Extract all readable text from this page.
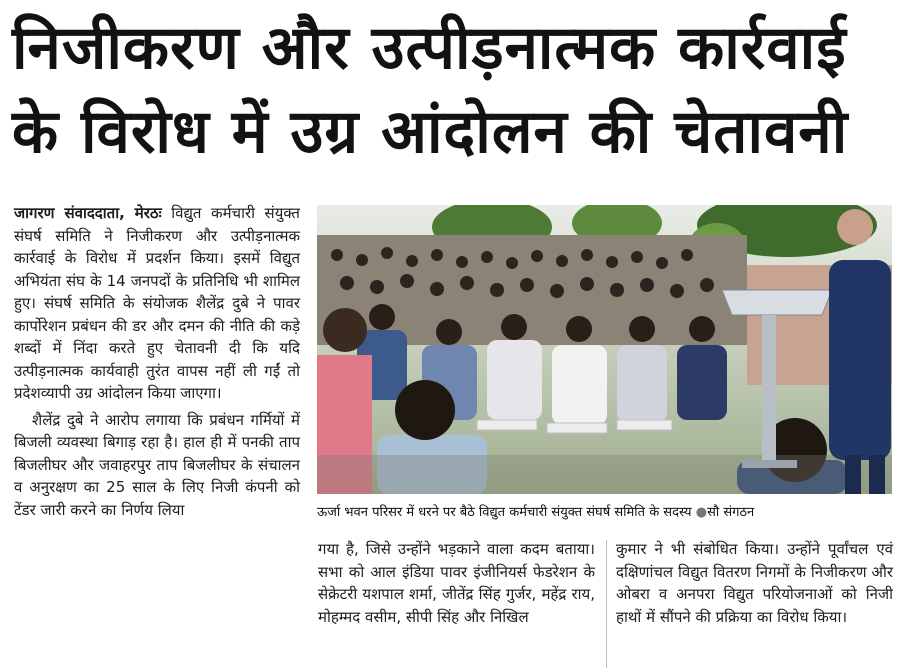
निजीकरण और उत्पीड़नात्मक कार्रवाई
के विरोध में उग्र आंदोलन की चेतावनी

जागरण संवाददाता, मेरठः विद्युत कर्मचारी संयुक्त संघर्ष समिति ने निजीकरण और उत्पीड़नात्मक कार्रवाई के विरोध में प्रदर्शन किया। इसमें विद्युत अभियंता संघ के 14 जनपदों के प्रतिनिधि भी शामिल हुए। संघर्ष समिति के संयोजक शैलेंद्र दुबे ने पावर कार्पोरेशन प्रबंधन की डर और दमन की नीति की कड़े शब्दों में निंदा करते हुए चेतावनी दी कि यदि उत्पीड़नात्मक कार्यवाही तुरंत वापस नहीं ली गईं तो प्रदेशव्यापी उग्र आंदोलन किया जाएगा।

शैलेंद्र दुबे ने आरोप लगाया कि प्रबंधन गर्मियों में बिजली व्यवस्था बिगाड़ रहा है। हाल ही में पनकी ताप बिजलीघर और जवाहरपुर ताप बिजलीघर के संचालन व अनुरक्षण का 25 साल के लिए निजी कंपनी को टेंडर जारी करने का निर्णय लिया	ऊर्जा भवन परिसर में धरने पर बैठे विद्युत कर्मचारी संयुक्त संघर्ष समिति के सदस्य ●सौ संगठन
गया है, जिसे उन्होंने भड़काने वाला कदम बताया। सभा को आल इंडिया पावर इंजीनियर्स फेडरेशन के सेक्रेटरी यशपाल शर्मा, जीतेंद्र सिंह गुर्जर, महेंद्र राय, मोहम्मद वसीम, सीपी सिंह और निखिल
कुमार ने भी संबोधित किया। उन्होंने पूर्वांचल एवं दक्षिणांचल विद्युत वितरण निगमों के निजीकरण और ओबरा व अनपरा विद्युत परियोजनाओं को निजी हाथों में सौंपने की प्रक्रिया का विरोध किया।
